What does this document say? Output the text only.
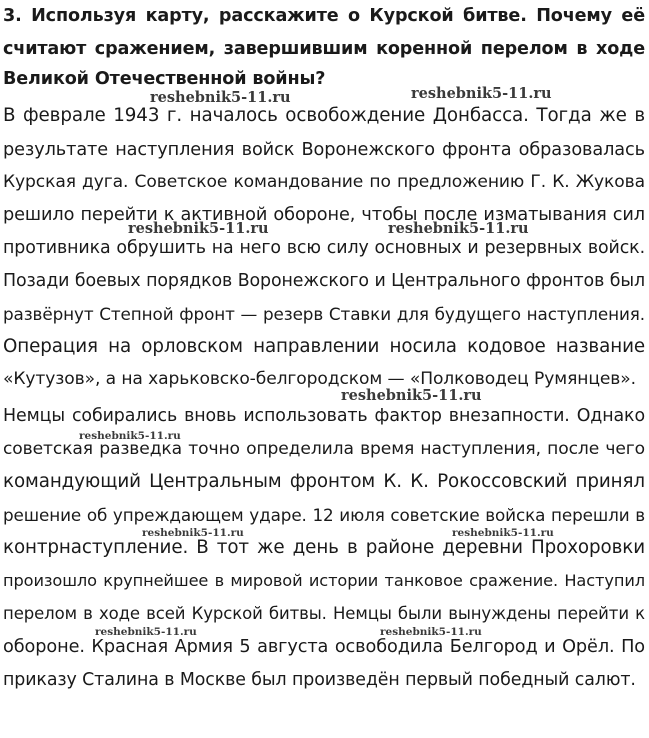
3. Используя карту, расскажите о Курской битве. Почему её
считают сражением, завершившим коренной перелом в ходе
Великой Отечественной войны?
В феврале 1943 г. началось освобождение Донбасса. Тогда же в
результате наступления войск Воронежского фронта образовалась
Курская дуга. Советское командование по предложению Г. К. Жукова
решило перейти к активной обороне, чтобы после изматывания сил
противника обрушить на него всю силу основных и резервных войск.
Позади боевых порядков Воронежского и Центрального фронтов был
развёрнут Степной фронт — резерв Ставки для будущего наступления.
Операция на орловском направлении носила кодовое название
«Кутузов», а на харьковско-белгородском — «Полководец Румянцев».
Немцы собирались вновь использовать фактор внезапности. Однако
советская разведка точно определила время наступления, после чего
командующий Центральным фронтом К. К. Рокоссовский принял
решение об упреждающем ударе. 12 июля советские войска перешли в
контрнаступление. В тот же день в районе деревни Прохоровки
произошло крупнейшее в мировой истории танковое сражение. Наступил
перелом в ходе всей Курской битвы. Немцы были вынуждены перейти к
обороне. Красная Армия 5 августа освободила Белгород и Орёл. По
приказу Сталина в Москве был произведён первый победный салют.
reshebnik5-11.ru	reshebnik5-11.ru
reshebnik5-11.ru	reshebnik5-11.ru
reshebnik5-11.ru
reshebnik5-11.ru
reshebnik5-11.ru	reshebnik5-11.ru
reshebnik5-11.ru	reshebnik5-11.ru
